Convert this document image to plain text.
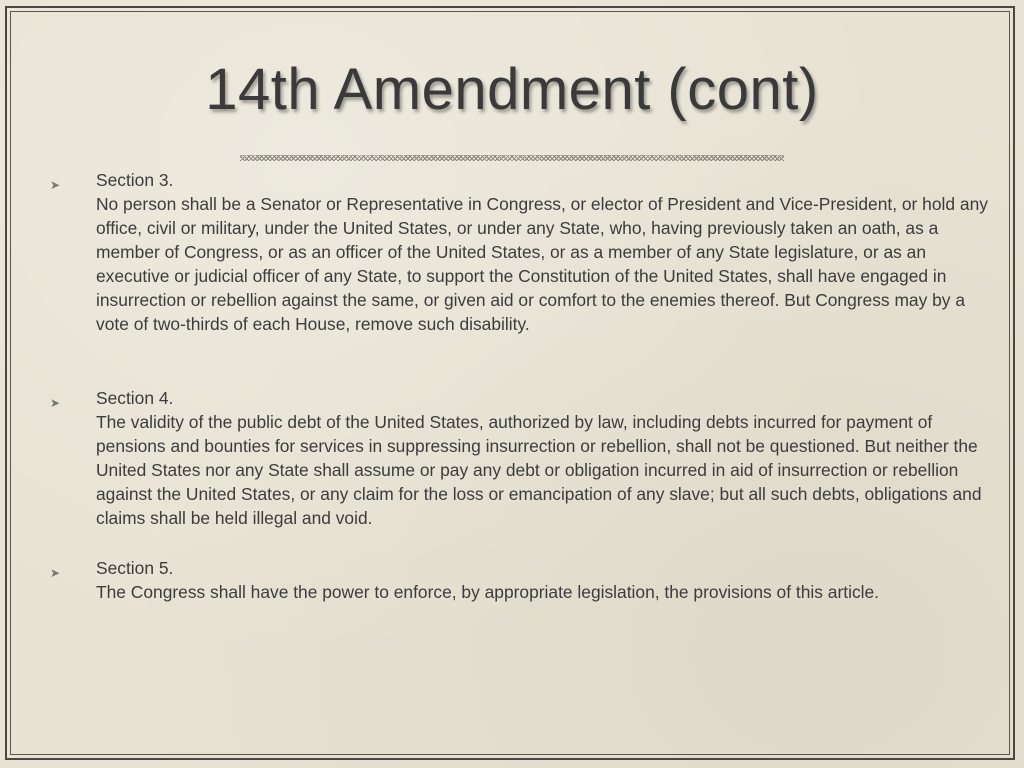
14th Amendment (cont)
➤ Section 3.
No person shall be a Senator or Representative in Congress, or elector of President and Vice-President, or hold any office, civil or military, under the United States, or under any State, who, having previously taken an oath, as a member of Congress, or as an officer of the United States, or as a member of any State legislature, or as an executive or judicial officer of any State, to support the Constitution of the United States, shall have engaged in insurrection or rebellion against the same, or given aid or comfort to the enemies thereof. But Congress may by a vote of two-thirds of each House, remove such disability.
➤ Section 4.
The validity of the public debt of the United States, authorized by law, including debts incurred for payment of pensions and bounties for services in suppressing insurrection or rebellion, shall not be questioned. But neither the United States nor any State shall assume or pay any debt or obligation incurred in aid of insurrection or rebellion against the United States, or any claim for the loss or emancipation of any slave; but all such debts, obligations and claims shall be held illegal and void.
➤ Section 5.
The Congress shall have the power to enforce, by appropriate legislation, the provisions of this article.
